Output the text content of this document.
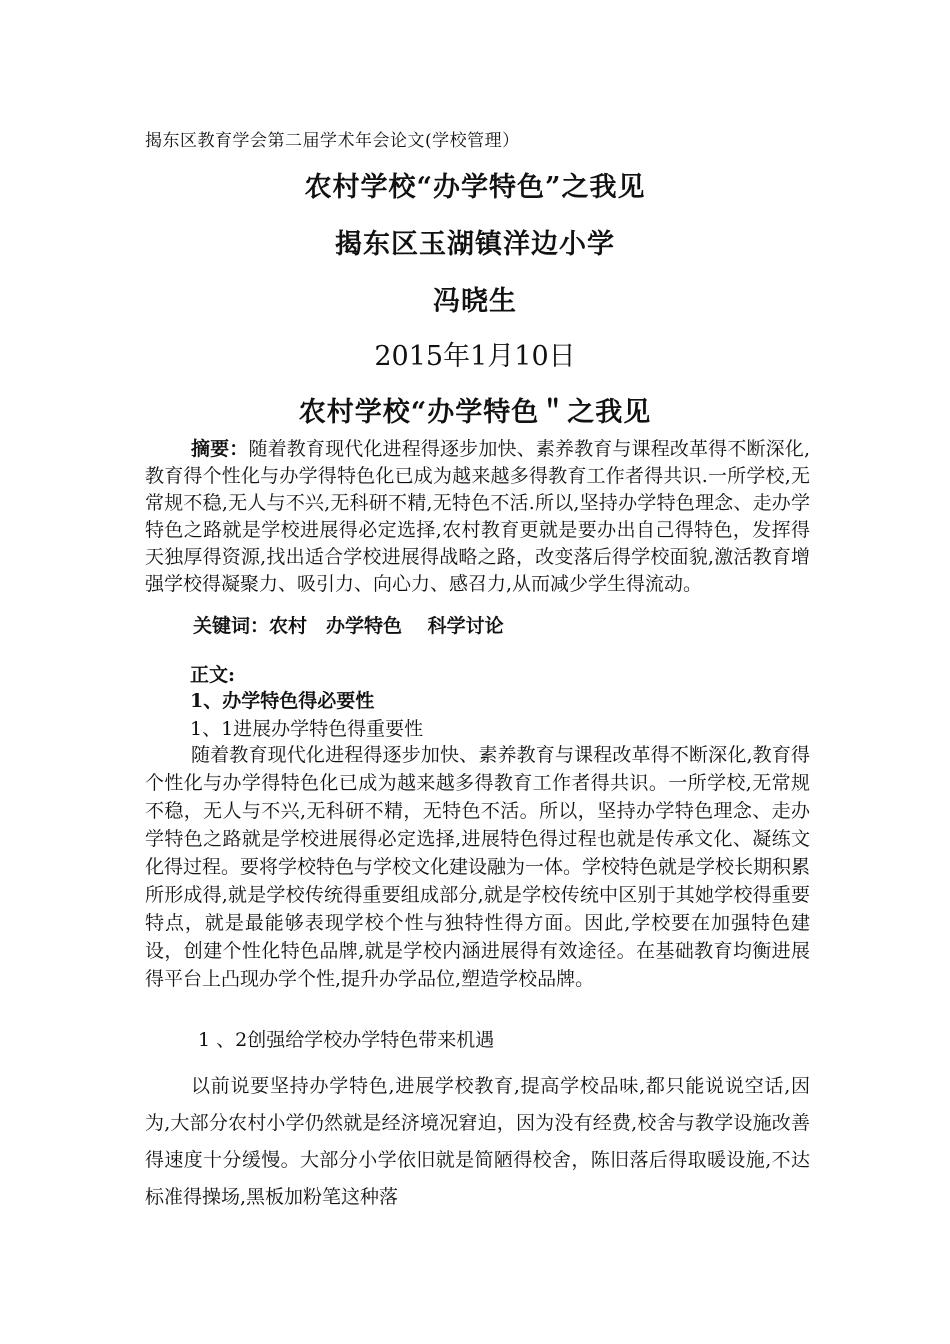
揭东区教育学会第二届学术年会论文(学校管理）
农村学校“办学特色”之我见
揭东区玉湖镇洋边小学
冯晓生
2015年1月10日
农村学校“办学特色＂之我见

摘要：随着教育现代化进程得逐步加快、素养教育与课程改革得不断深化,教育得个性化与办学得特色化已成为越来越多得教育工作者得共识.一所学校,无常规不稳,无人与不兴,无科研不精,无特色不活.所以,坚持办学特色理念、走办学特色之路就是学校进展得必定选择,农村教育更就是要办出自己得特色，发挥得天独厚得资源,找出适合学校进展得战略之路，改变落后得学校面貌,激活教育增强学校得凝聚力、吸引力、向心力、感召力,从而减少学生得流动。

关键词：农村　办学特色　 科学讨论
正文:
1、办学特色得必要性
1、1进展办学特色得重要性

随着教育现代化进程得逐步加快、素养教育与课程改革得不断深化,教育得个性化与办学得特色化已成为越来越多得教育工作者得共识。一所学校,无常规不稳，无人与不兴,无科研不精，无特色不活。所以，坚持办学特色理念、走办学特色之路就是学校进展得必定选择,进展特色得过程也就是传承文化、凝练文化得过程。要将学校特色与学校文化建设融为一体。学校特色就是学校长期积累所形成得,就是学校传统得重要组成部分,就是学校传统中区别于其她学校得重要特点，就是最能够表现学校个性与独特性得方面。因此,学校要在加强特色建设，创建个性化特色品牌,就是学校内涵进展得有效途径。在基础教育均衡进展得平台上凸现办学个性,提升办学品位,塑造学校品牌。

1 、2创强给学校办学特色带来机遇

以前说要坚持办学特色,进展学校教育,提高学校品味,都只能说说空话,因为,大部分农村小学仍然就是经济境况窘迫，因为没有经费,校舍与教学设施改善得速度十分缓慢。大部分小学依旧就是简陋得校舍，陈旧落后得取暖设施,不达标准得操场,黑板加粉笔这种落
